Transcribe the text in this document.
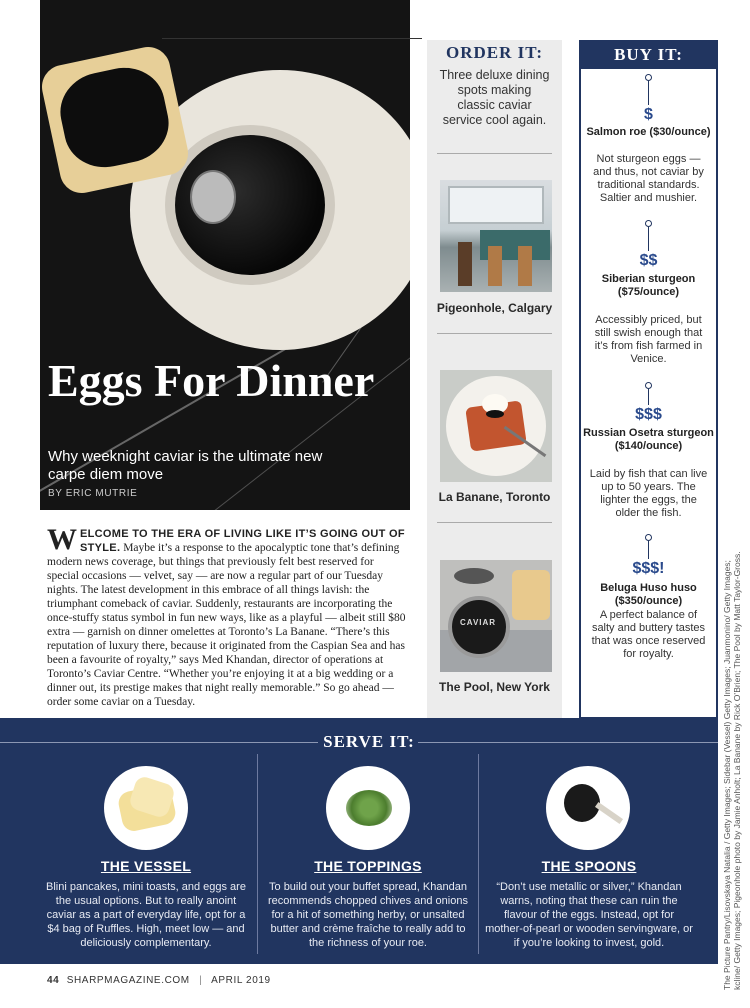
Eggs For Dinner
Why weeknight caviar is the ultimate new carpe diem move
BY ERIC MUTRIE
W ELCOME TO THE ERA OF LIVING LIKE IT’S GOING OUT OF STYLE. Maybe it’s a response to the apocalyptic tone that’s defining modern news coverage, but things that previously felt best reserved for special occasions — velvet, say — are now a regular part of our Tuesday nights. The latest development in this embrace of all things lavish: the triumphant comeback of caviar. Suddenly, restaurants are incorporating the once-stuffy status symbol in fun new ways, like as a playful — albeit still $80 extra — garnish on dinner omelettes at Toronto’s La Banane. “There’s this reputation of luxury there, because it originated from the Caspian Sea and has been a favourite of royalty,” says Med Khandan, director of operations at Toronto’s Caviar Centre. “Whether you’re enjoying it at a big wedding or a dinner out, its prestige makes that night really memorable.” So go ahead — order some caviar on a Tuesday.
ORDER IT:
Three deluxe dining spots making classic caviar service cool again.
Pigeonhole, Calgary
La Banane, Toronto
CAVIAR
The Pool, New York
BUY IT:
$
Salmon roe ($30/ounce)
Not sturgeon eggs — and thus, not caviar by traditional standards. Saltier and mushier.
$$
Siberian sturgeon ($75/ounce)
Accessibly priced, but still swish enough that it’s from fish farmed in Venice.
$$$
Russian Osetra sturgeon ($140/ounce)
Laid by fish that can live up to 50 years. The lighter the eggs, the older the fish.
$$$!
Beluga Huso huso ($350/ounce)
A perfect balance of salty and buttery tastes that was once reserved for royalty.	The Picture Pantry/Lisovskaya Natalia / Getty Images; Sidebar (Vessel) Getty Images; Juanmonino/ Getty Images; kcline/ Getty Images; Pigeonhole photo by Jamie Anholt; La Banane by Rick O’Brien; The Pool by Matt Taylor-Gross.
SERVE IT:
THE VESSEL
Blini pancakes, mini toasts, and eggs are the usual options. But to really anoint caviar as a part of everyday life, opt for a $4 bag of Ruffles. High, meet low — and deliciously complementary.
THE TOPPINGS
To build out your buffet spread, Khandan recommends chopped chives and onions for a hit of something herby, or unsalted butter and crème fraîche to really add to the richness of your roe.
THE SPOONS
“Don’t use metallic or silver,” Khandan warns, noting that these can ruin the flavour of the eggs. Instead, opt for mother-of-pearl or wooden servingware, or if you’re looking to invest, gold.
44 SHARPMAGAZINE.COM | APRIL 2019
